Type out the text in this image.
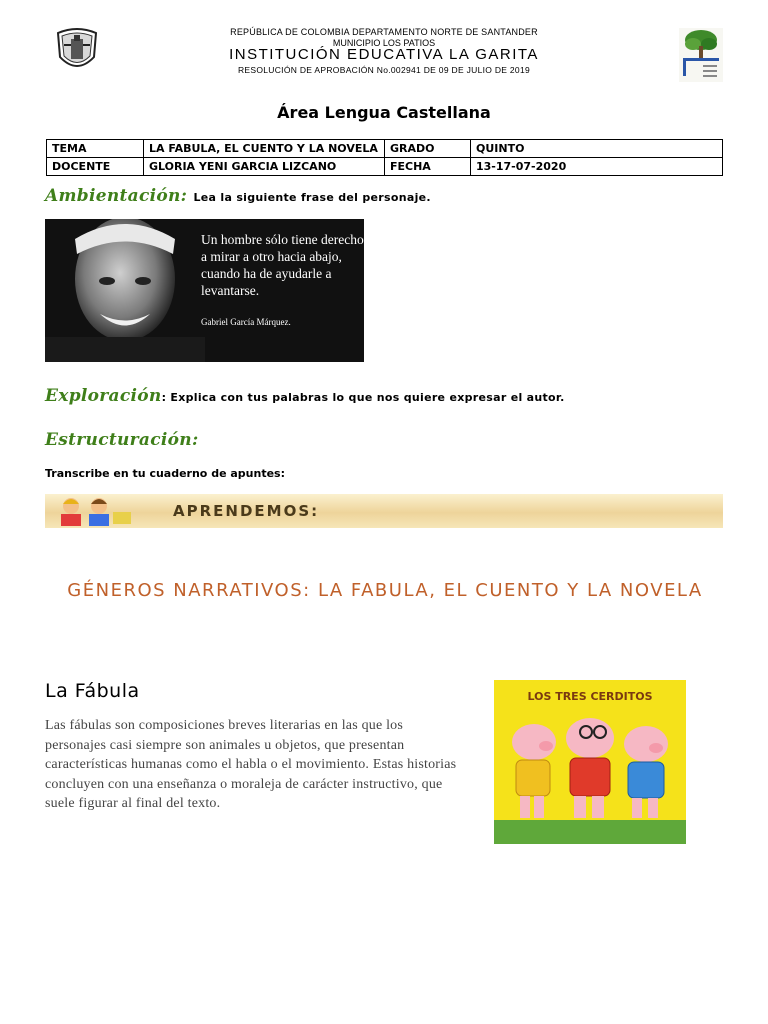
REPÚBLICA DE COLOMBIA DEPARTAMENTO NORTE DE SANTANDER
MUNICIPIO LOS PATIOS
INSTITUCIÓN EDUCATIVA LA GARITA
RESOLUCIÓN DE APROBACIÓN No.002941 DE 09 DE JULIO DE 2019
Área Lengua Castellana
TEMA	LA FABULA, EL CUENTO Y LA NOVELA	GRADO	QUINTO
DOCENTE	GLORIA YENI GARCIA LIZCANO	FECHA	13-17-07-2020
Ambientación: Lea la siguiente frase del personaje.
Un hombre sólo tiene derecho a mirar a otro hacia abajo, cuando ha de ayudarle a levantarse.
Gabriel García Márquez.
Exploración: Explica con tus palabras lo que nos quiere expresar el autor.
Estructuración:
Transcribe en tu cuaderno de apuntes:
APRENDEMOS:
GÉNEROS NARRATIVOS: LA FABULA, EL CUENTO Y LA NOVELA
La Fábula
Las fábulas son composiciones breves literarias en las que los personajes casi siempre son animales u objetos, que presentan características humanas como el habla o el movimiento. Estas historias concluyen con una enseñanza o moraleja de carácter instructivo, que suele figurar al final del texto.
LOS TRES CERDITOS
